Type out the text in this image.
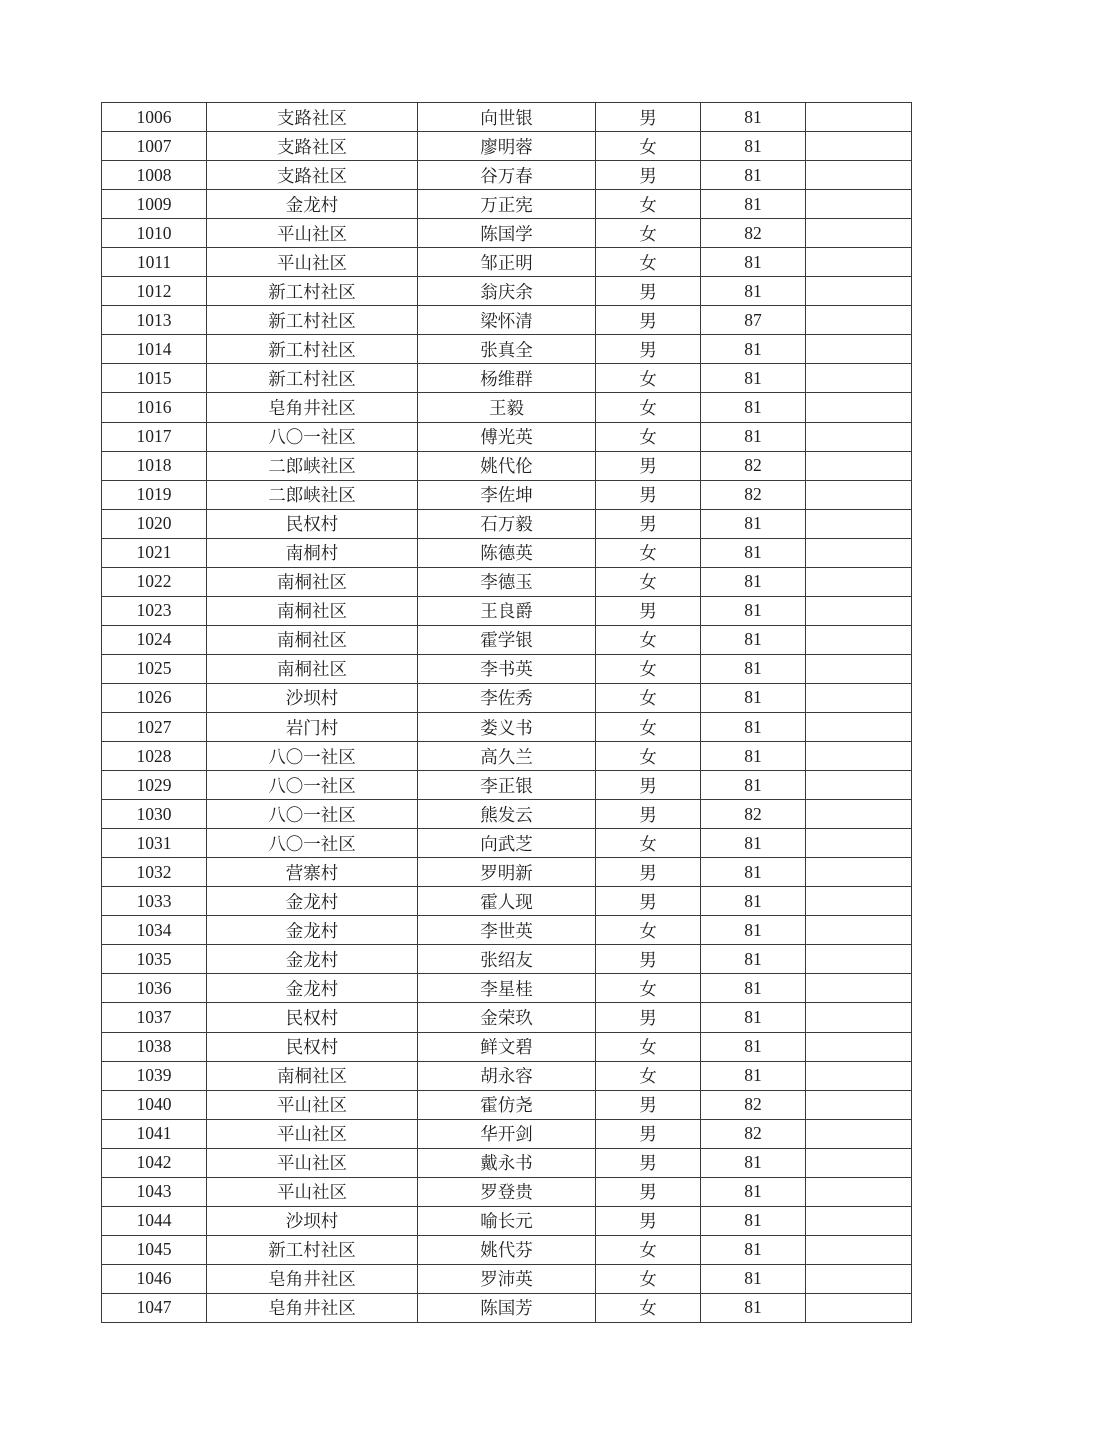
1006	支路社区	向世银	男	81	
1007	支路社区	廖明蓉	女	81	
1008	支路社区	谷万春	男	81	
1009	金龙村	万正宪	女	81	
1010	平山社区	陈国学	女	82	
1011	平山社区	邹正明	女	81	
1012	新工村社区	翁庆余	男	81	
1013	新工村社区	梁怀清	男	87	
1014	新工村社区	张真全	男	81	
1015	新工村社区	杨维群	女	81	
1016	皂角井社区	王毅	女	81	
1017	八〇一社区	傅光英	女	81	
1018	二郎峡社区	姚代伦	男	82	
1019	二郎峡社区	李佐坤	男	82	
1020	民权村	石万毅	男	81	
1021	南桐村	陈德英	女	81	
1022	南桐社区	李德玉	女	81	
1023	南桐社区	王良爵	男	81	
1024	南桐社区	霍学银	女	81	
1025	南桐社区	李书英	女	81	
1026	沙坝村	李佐秀	女	81	
1027	岩门村	娄义书	女	81	
1028	八〇一社区	高久兰	女	81	
1029	八〇一社区	李正银	男	81	
1030	八〇一社区	熊发云	男	82	
1031	八〇一社区	向武芝	女	81	
1032	营寨村	罗明新	男	81	
1033	金龙村	霍人现	男	81	
1034	金龙村	李世英	女	81	
1035	金龙村	张绍友	男	81	
1036	金龙村	李星桂	女	81	
1037	民权村	金荣玖	男	81	
1038	民权村	鲜文碧	女	81	
1039	南桐社区	胡永容	女	81	
1040	平山社区	霍仿尧	男	82	
1041	平山社区	华开剑	男	82	
1042	平山社区	戴永书	男	81	
1043	平山社区	罗登贵	男	81	
1044	沙坝村	喻长元	男	81	
1045	新工村社区	姚代芬	女	81	
1046	皂角井社区	罗沛英	女	81	
1047	皂角井社区	陈国芳	女	81	
